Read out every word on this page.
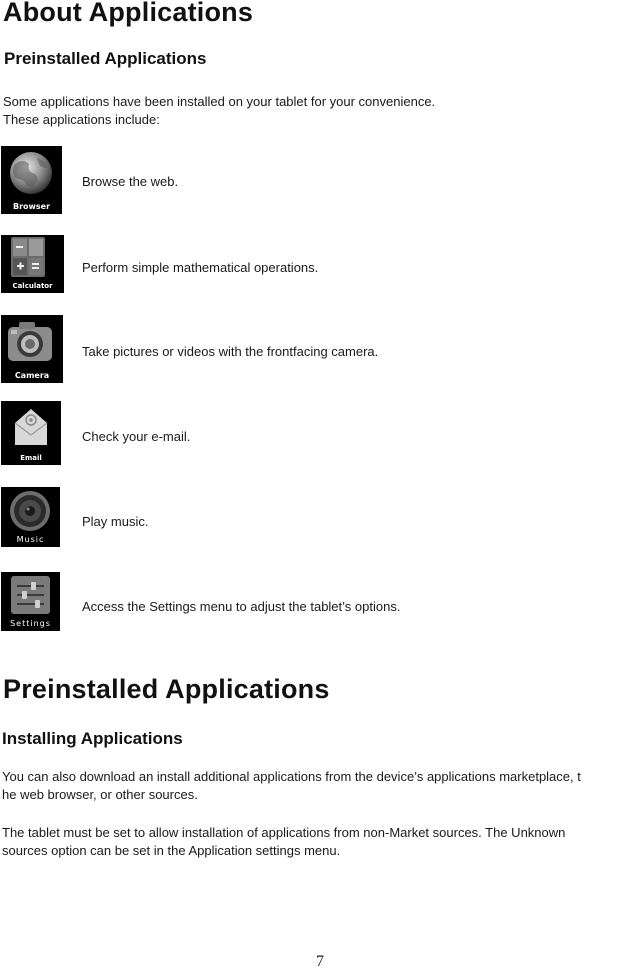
About Applications
Preinstalled Applications
Some applications have been installed on your tablet for your convenience.
These applications include:
Browser
Browse the web.
Calculator
Perform simple mathematical operations.
Camera
Take pictures or videos with the frontfacing camera.
Email
Check your e-mail.
Music
Play music.
Settings
Access the Settings menu to adjust the tablet’s options.
Preinstalled Applications
Installing Applications
You can also download an install additional applications from the device’s applications marketplace, t
he web browser, or other sources.
The tablet must be set to allow installation of applications from non-Market sources. The Unknown
sources option can be set in the Application settings menu.
7
